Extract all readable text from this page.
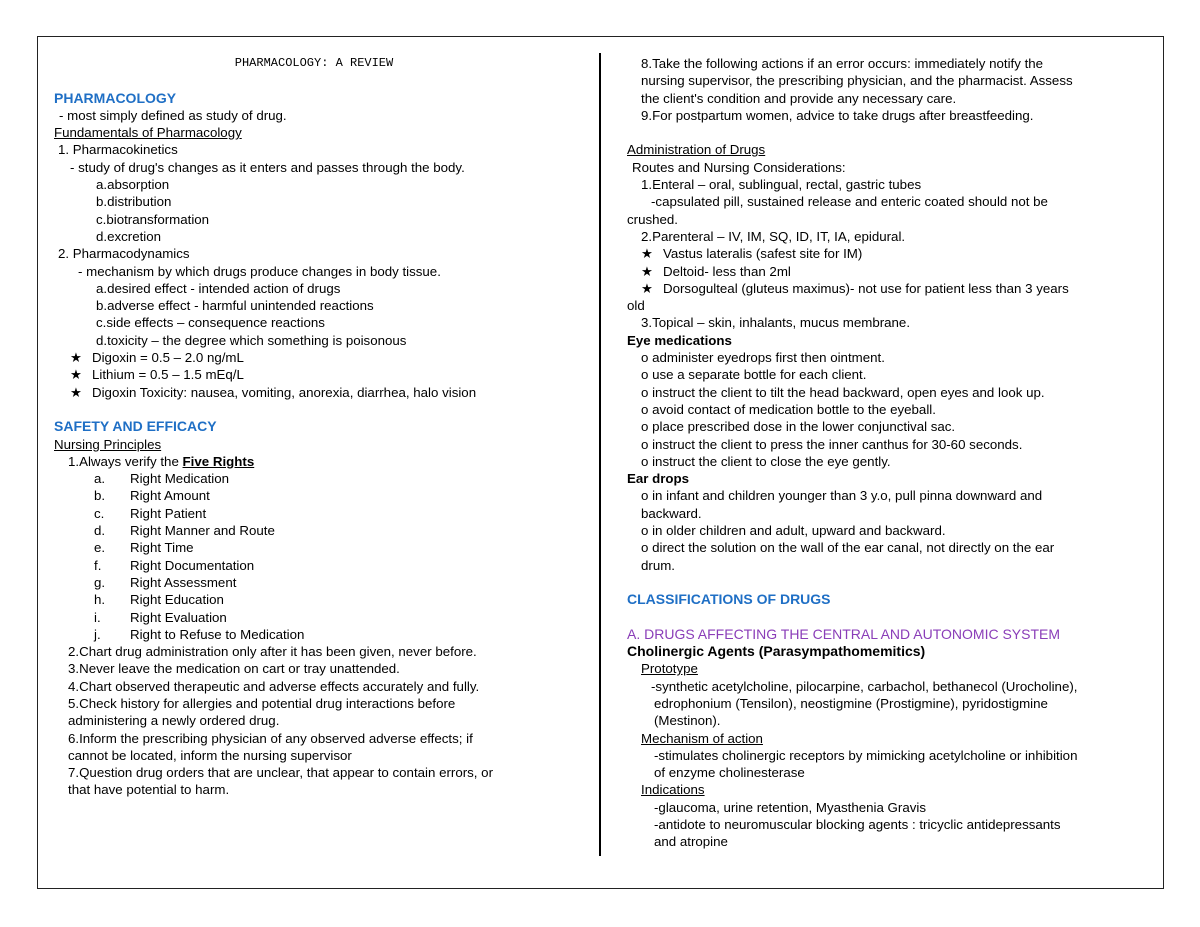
PHARMACOLOGY: A REVIEW
PHARMACOLOGY
- most simply defined as study of drug.
Fundamentals of Pharmacology
1. Pharmacokinetics
- study of drug's changes as it enters and passes through the body.
a.absorption
b.distribution
c.biotransformation
d.excretion
2. Pharmacodynamics
- mechanism by which drugs produce changes in body tissue.
a.desired effect - intended action of drugs
b.adverse effect - harmful unintended reactions
c.side effects – consequence reactions
d.toxicity – the degree which something is poisonous
★ Digoxin = 0.5 – 2.0 ng/mL
★ Lithium = 0.5 – 1.5 mEq/L
★ Digoxin Toxicity: nausea, vomiting, anorexia, diarrhea, halo vision
SAFETY AND EFFICACY
Nursing Principles
1.Always verify the Five Rights
a. Right Medication
b. Right Amount
c. Right Patient
d. Right Manner and Route
e. Right Time
f. Right Documentation
g. Right Assessment
h. Right Education
i. Right Evaluation
j. Right to Refuse to Medication
2.Chart drug administration only after it has been given, never before.
3.Never leave the medication on cart or tray unattended.
4.Chart observed therapeutic and adverse effects accurately and fully.
5.Check history for allergies and potential drug interactions before
administering a newly ordered drug.
6.Inform the prescribing physician of any observed adverse effects; if
cannot be located, inform the nursing supervisor
7.Question drug orders that are unclear, that appear to contain errors, or
that have potential to harm.
8.Take the following actions if an error occurs: immediately notify the
nursing supervisor, the prescribing physician, and the pharmacist. Assess
the client's condition and provide any necessary care.
9.For postpartum women, advice to take drugs after breastfeeding.
Administration of Drugs
Routes and Nursing Considerations:
1.Enteral – oral, sublingual, rectal, gastric tubes
-capsulated pill, sustained release and enteric coated should not be
crushed.
2.Parenteral – IV, IM, SQ, ID, IT, IA, epidural.
★ Vastus lateralis (safest site for IM)
★ Deltoid- less than 2ml
★ Dorsogulteal (gluteus maximus)- not use for patient less than 3 years
old
3.Topical – skin, inhalants, mucus membrane.
Eye medications
o administer eyedrops first then ointment.
o use a separate bottle for each client.
o instruct the client to tilt the head backward, open eyes and look up.
o avoid contact of medication bottle to the eyeball.
o place prescribed dose in the lower conjunctival sac.
o instruct the client to press the inner canthus for 30-60 seconds.
o instruct the client to close the eye gently.
Ear drops
o in infant and children younger than 3 y.o, pull pinna downward and
backward.
o in older children and adult, upward and backward.
o direct the solution on the wall of the ear canal, not directly on the ear
drum.
CLASSIFICATIONS OF DRUGS
A. DRUGS AFFECTING THE CENTRAL AND AUTONOMIC SYSTEM
Cholinergic Agents (Parasympathomemitics)
Prototype
-synthetic acetylcholine, pilocarpine, carbachol, bethanecol (Urocholine),
edrophonium (Tensilon), neostigmine (Prostigmine), pyridostigmine
(Mestinon).
Mechanism of action
-stimulates cholinergic receptors by mimicking acetylcholine or inhibition
of enzyme cholinesterase
Indications
-glaucoma, urine retention, Myasthenia Gravis
-antidote to neuromuscular blocking agents : tricyclic antidepressants
and atropine
